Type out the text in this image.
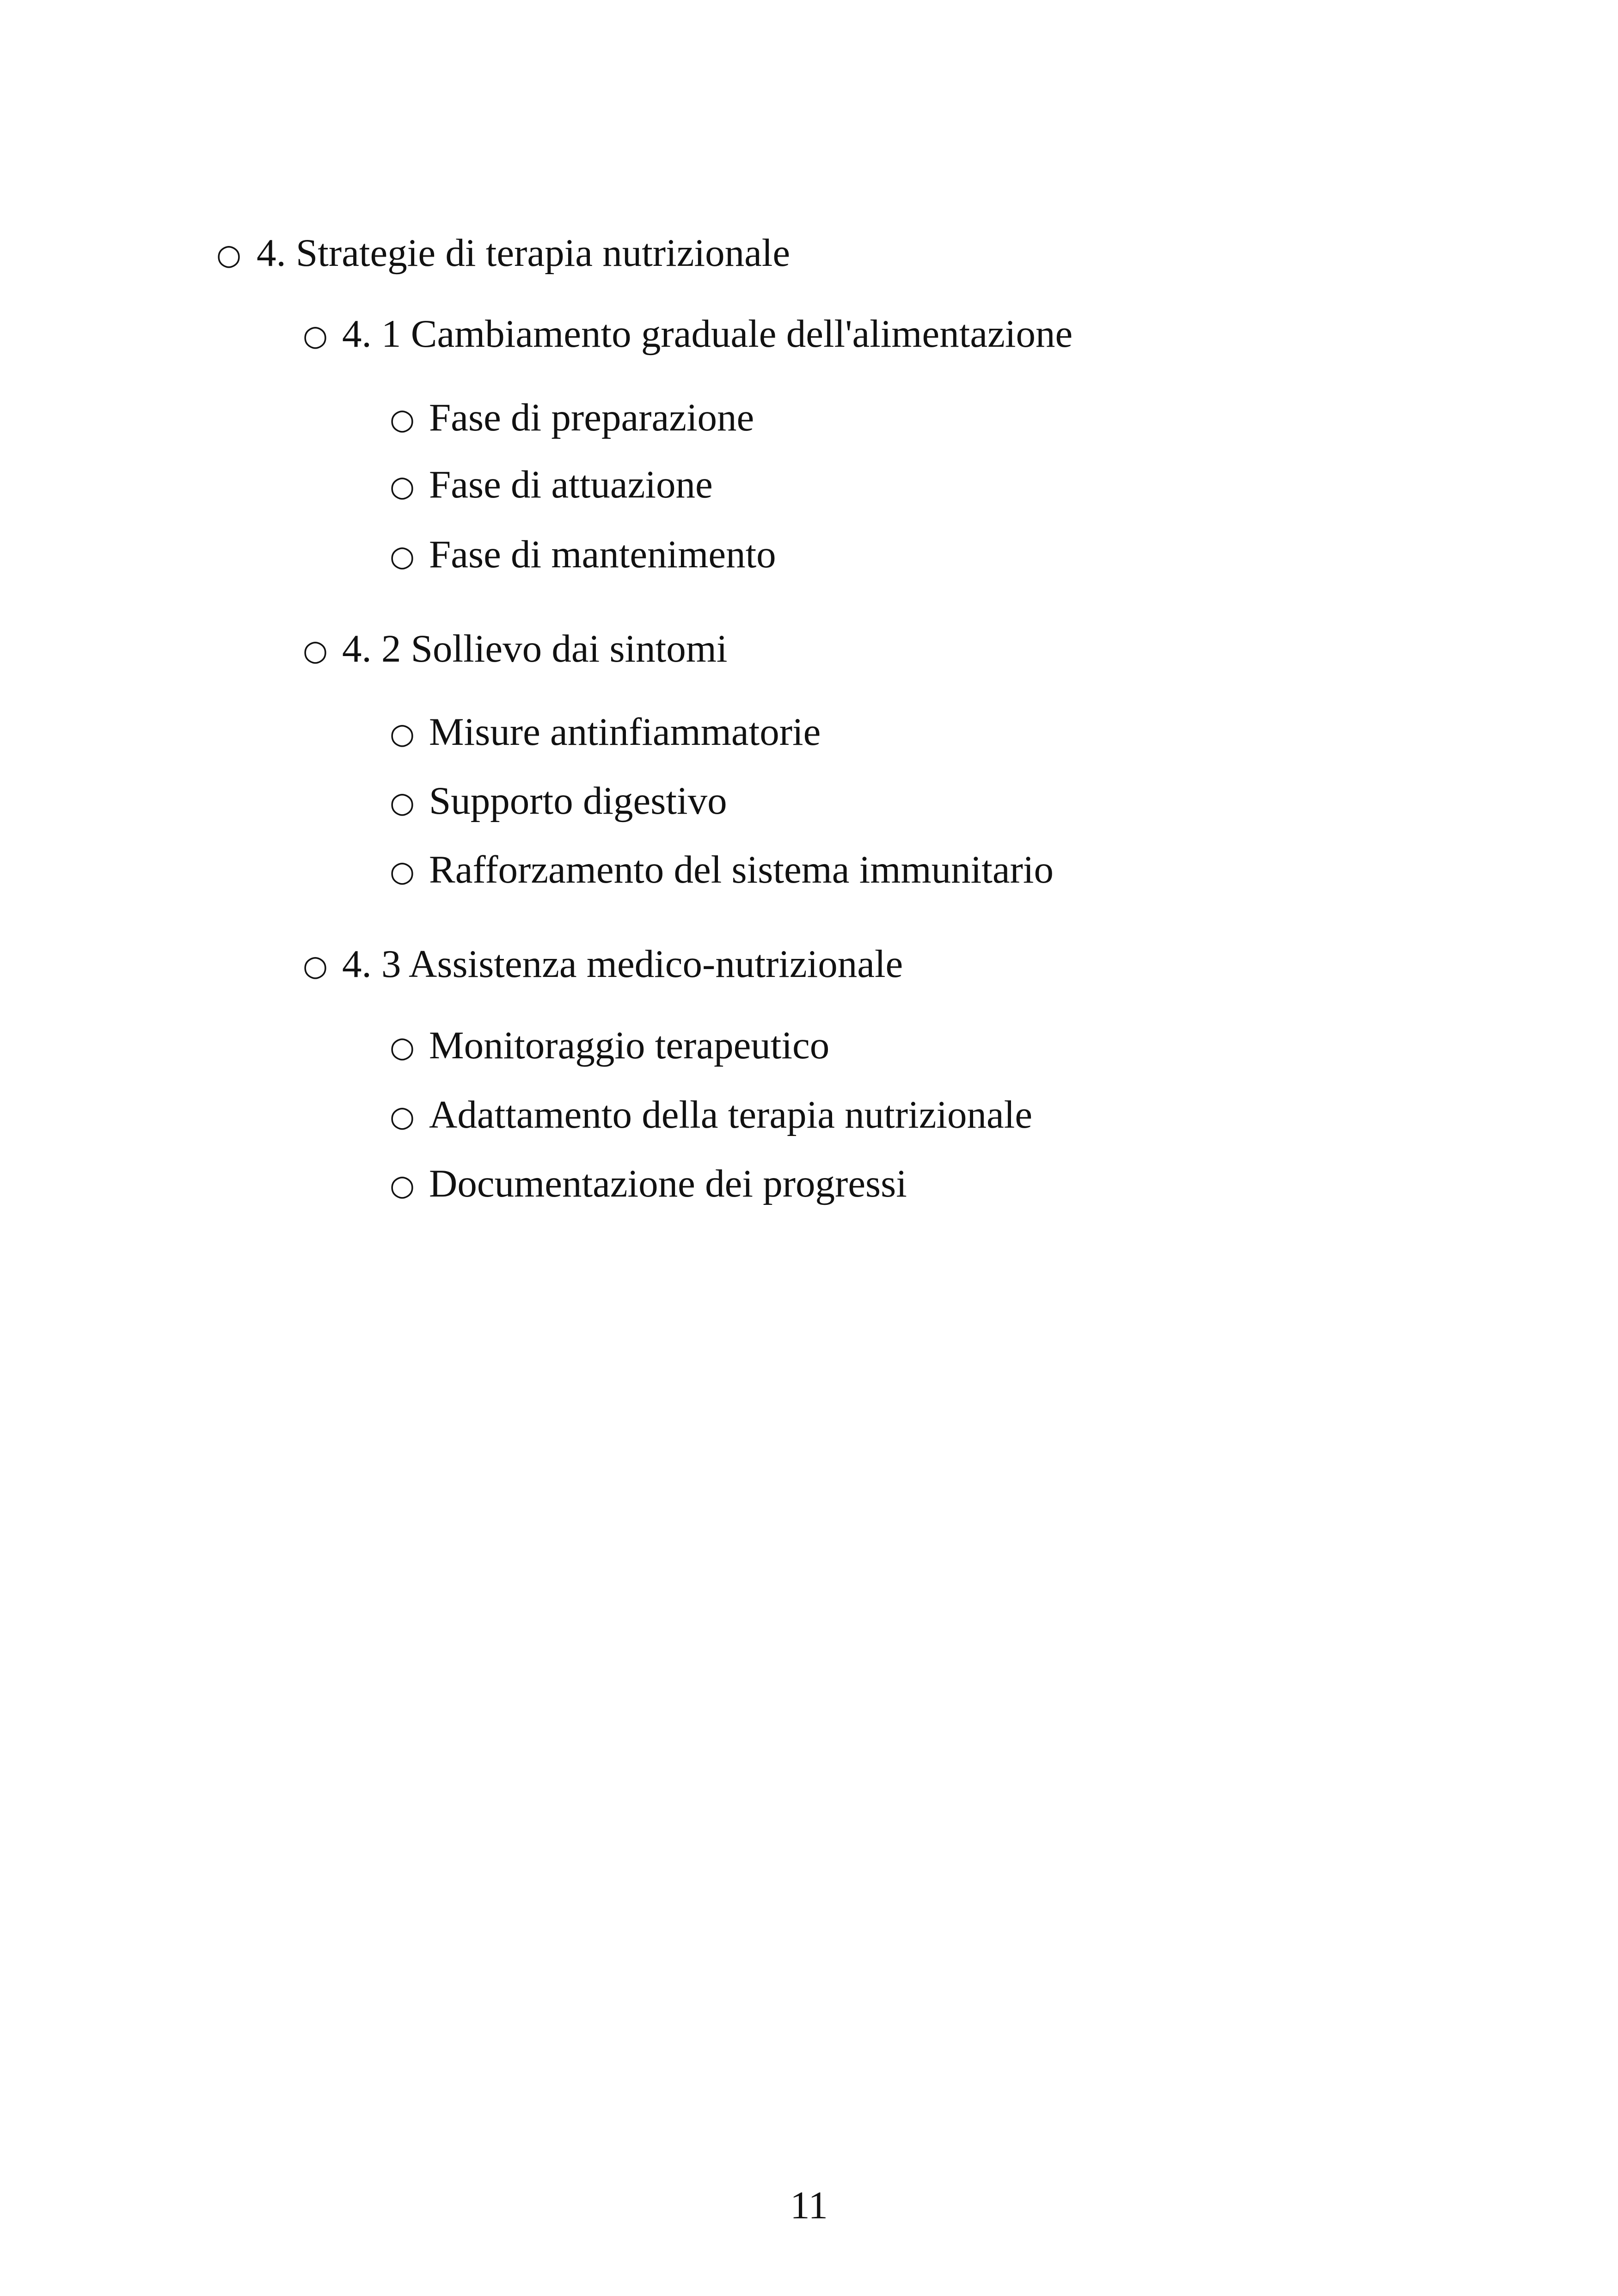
○ 4. Strategie di terapia nutrizionale
○ 4. 1 Cambiamento graduale dell'alimentazione
○ Fase di preparazione
○ Fase di attuazione
○ Fase di mantenimento
○ 4. 2 Sollievo dai sintomi
○ Misure antinfiammatorie
○ Supporto digestivo
○ Rafforzamento del sistema immunitario
○ 4. 3 Assistenza medico-nutrizionale
○ Monitoraggio terapeutico
○ Adattamento della terapia nutrizionale
○ Documentazione dei progressi
11
